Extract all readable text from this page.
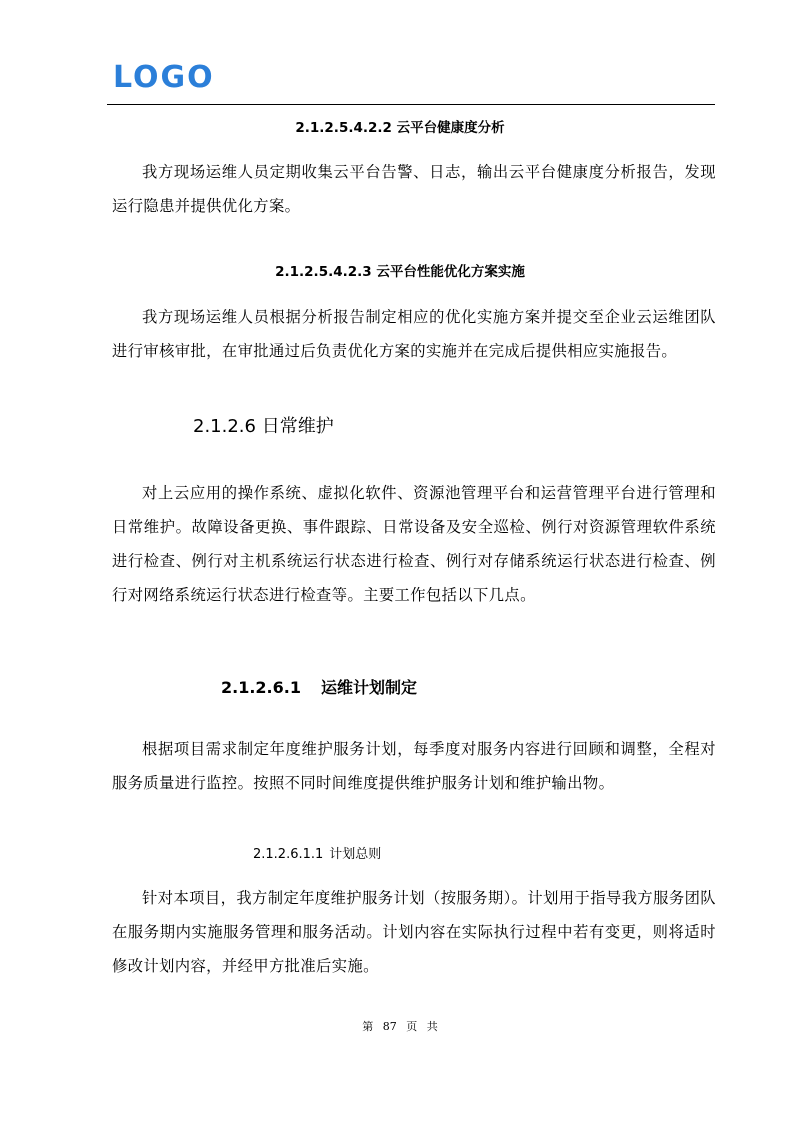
LOGO
2.1.2.5.4.2.2 云平台健康度分析
我方现场运维人员定期收集云平台告警、日志，输出云平台健康度分析报告，发现运行隐患并提供优化方案。
2.1.2.5.4.2.3 云平台性能优化方案实施
我方现场运维人员根据分析报告制定相应的优化实施方案并提交至企业云运维团队进行审核审批，在审批通过后负责优化方案的实施并在完成后提供相应实施报告。
2.1.2.6 日常维护
对上云应用的操作系统、虚拟化软件、资源池管理平台和运营管理平台进行管理和日常维护。故障设备更换、事件跟踪、日常设备及安全巡检、例行对资源管理软件系统进行检查、例行对主机系统运行状态进行检查、例行对存储系统运行状态进行检查、例行对网络系统运行状态进行检查等。主要工作包括以下几点。
2.1.2.6.1 运维计划制定
根据项目需求制定年度维护服务计划，每季度对服务内容进行回顾和调整，全程对服务质量进行监控。按照不同时间维度提供维护服务计划和维护输出物。
2.1.2.6.1.1 计划总则
针对本项目，我方制定年度维护服务计划（按服务期）。计划用于指导我方服务团队在服务期内实施服务管理和服务活动。计划内容在实际执行过程中若有变更，则将适时修改计划内容，并经甲方批准后实施。
第 87 页 共
